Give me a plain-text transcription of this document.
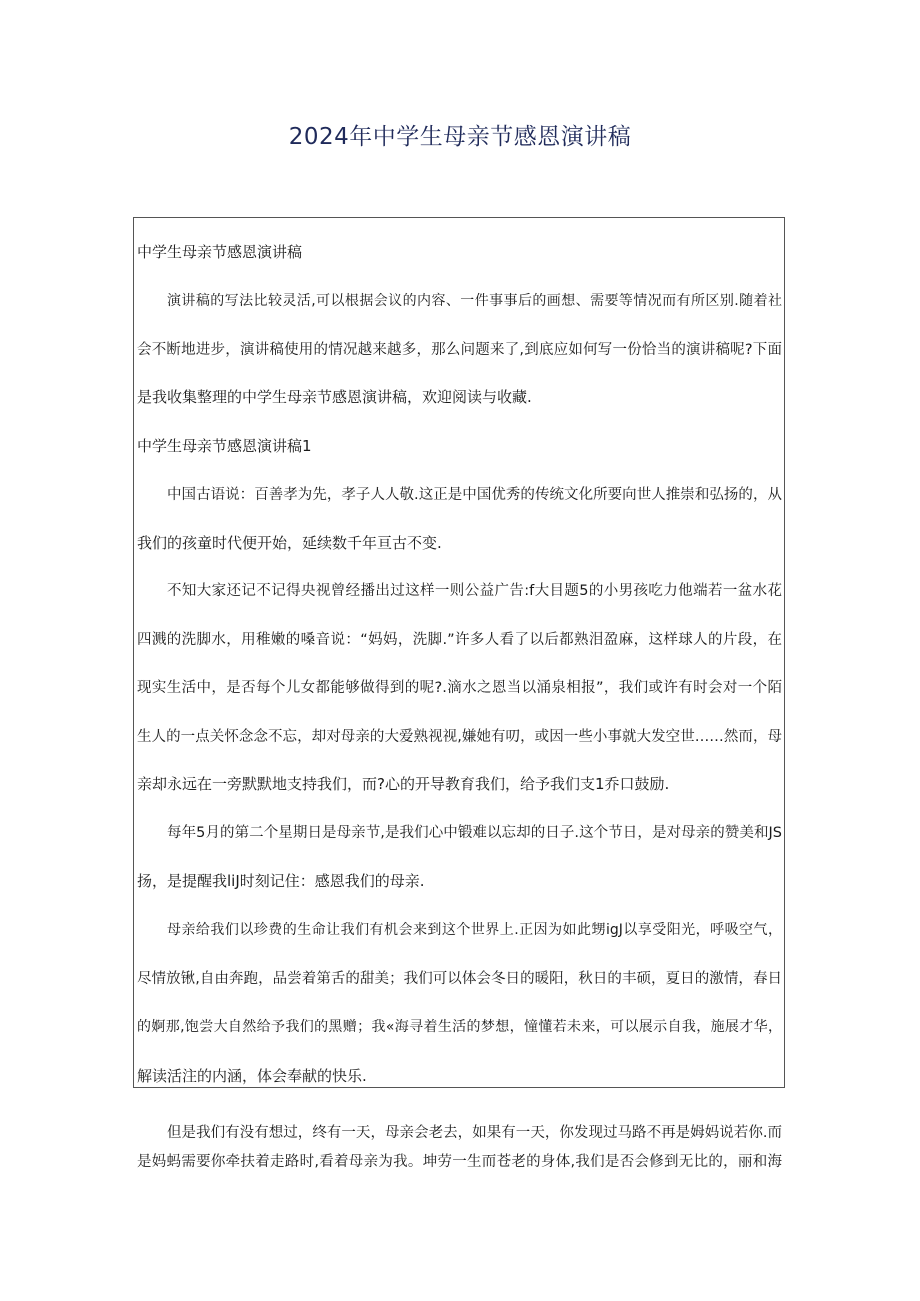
2024年中学生母亲节感恩演讲稿
中学生母亲节感恩演讲稿
演讲稿的写法比较灵活,可以根据会议的内容、一件事事后的画想、需要等情况而有所区别.随着社
会不断地进步，演讲稿使用的情况越来越多，那么问题来了,到底应如何写一份恰当的演讲稿呢?下面
是我收集整理的中学生母亲节感恩演讲稿，欢迎阅读与收藏.
中学生母亲节感恩演讲稿1
中国古语说：百善孝为先，孝子人人敬.这正是中国优秀的传统文化所要向世人推崇和弘扬的，从
我们的孩童时代便开始，延续数千年亘古不变.
不知大家还记不记得央视曾经播出过这样一则公益广告:f大目题5的小男孩吃力他端若一盆水花
四溅的洗脚水，用稚嫩的嗓音说：“妈妈，洗脚.”许多人看了以后都熟泪盈麻，这样球人的片段，在
现实生活中，是否每个儿女都能够做得到的呢?.滴水之恩当以涌泉相报”，我们或许有时会对一个陌
生人的一点关怀念念不忘，却对母亲的大爱熟视视,嫌她有叨，或因一些小事就大发空世……然而，母
亲却永远在一旁默默地支持我们，而?心的开导教育我们，给予我们支1乔口鼓励.
每年5月的第二个星期日是母亲节,是我们心中锻难以忘却的日子.这个节日，是对母亲的赞美和JS
扬，是提醒我liJ时刻记住：感恩我们的母亲.
母亲给我们以珍费的生命让我们有机会来到这个世界上.正因为如此甥igJ以享受阳光，呼吸空气，
尽情放锹,自由奔跑，品尝着第舌的甜美；我们可以体会冬日的暖阳，秋日的丰硕，夏日的激情，春日
的婀那,饱尝大自然给予我们的黑赠；我«海寻着生活的梦想，憧懂若未来，可以展示自我，施展才华，
解读活注的内涵，体会奉献的快乐.
但是我们有没有想过，终有一天，母亲会老去，如果有一天，你发现过马路不再是姆妈说若你.而
是妈蚂需要你牵扶着走路时,看着母亲为我。坤劳一生而苍老的身体,我们是否会修到无比的，丽和海
